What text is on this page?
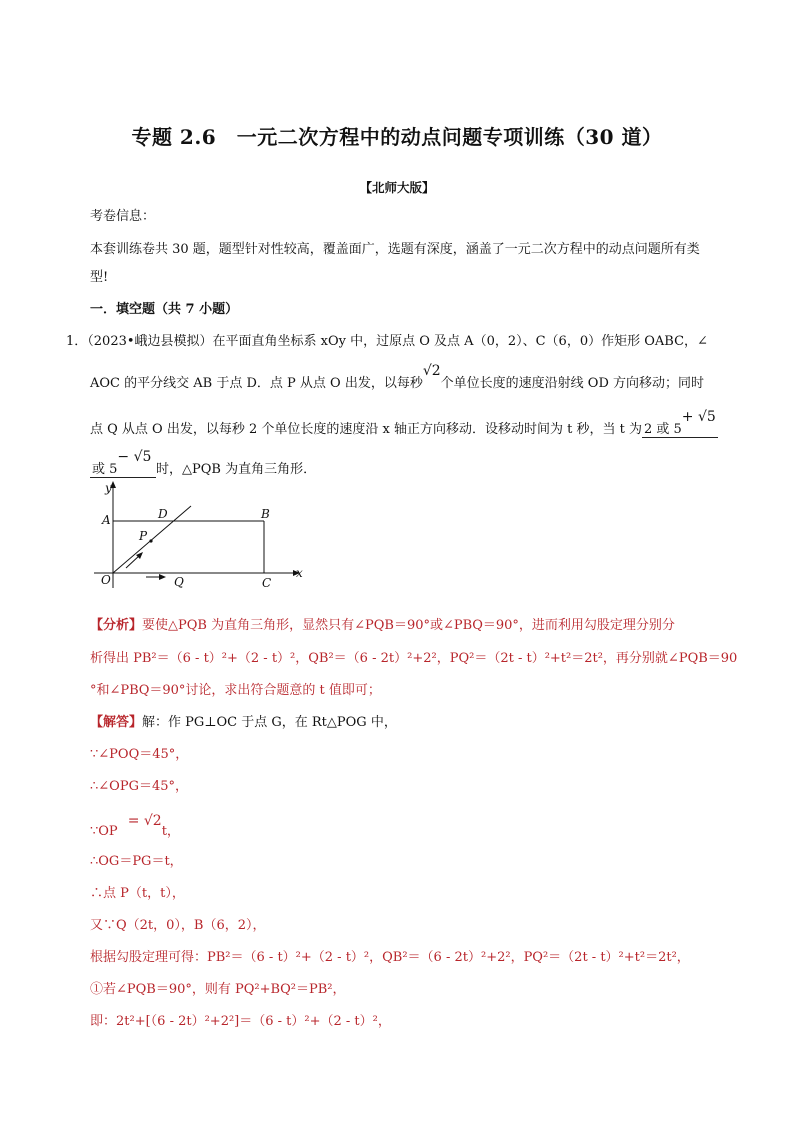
专题 2.6　一元二次方程中的动点问题专项训练（30 道）
【北师大版】
考卷信息：
本套训练卷共 30 题，题型针对性较高，覆盖面广，选题有深度，涵盖了一元二次方程中的动点问题所有类
型!
一．填空题（共 7 小题）
1．（2023•峨边县模拟）在平面直角坐标系 xOy 中，过原点 O 及点 A（0，2）、C（6，0）作矩形 OABC，∠
AOC 的平分线交 AB 于点 D．点 P 从点 O 出发，以每秒√2个单位长度的速度沿射线 OD 方向移动；同时
点 Q 从点 O 出发，以每秒 2 个单位长度的速度沿 x 轴正方向移动．设移动时间为 t 秒，当 t 为 2 或 5+ √5
或 5− √5时，△PQB 为直角三角形．
y
A	D	B
P
O	Q	C
x
【分析】要使△PQB 为直角三角形，显然只有∠PQB＝90°或∠PBQ＝90°，进而利用勾股定理分别分
析得出 PB²＝（6 - t）²+（2 - t）²，QB²＝（6 - 2t）²+2²，PQ²＝（2t - t）²+t²＝2t²，再分别就∠PQB＝90
°和∠PBQ＝90°讨论，求出符合题意的 t 值即可；
【解答】解：作 PG⊥OC 于点 G，在 Rt△POG 中，
∵∠POQ＝45°，
∴∠OPG＝45°，
∵OP= √2t，
∴OG＝PG＝t，
∴点 P（t，t），
又∵Q（2t，0），B（6，2），
根据勾股定理可得：PB²＝（6 - t）²+（2 - t）²，QB²＝（6 - 2t）²+2²，PQ²＝（2t - t）²+t²＝2t²，
①若∠PQB＝90°，则有 PQ²+BQ²＝PB²，
即：2t²+[（6 - 2t）²+2²]＝（6 - t）²+（2 - t）²，
